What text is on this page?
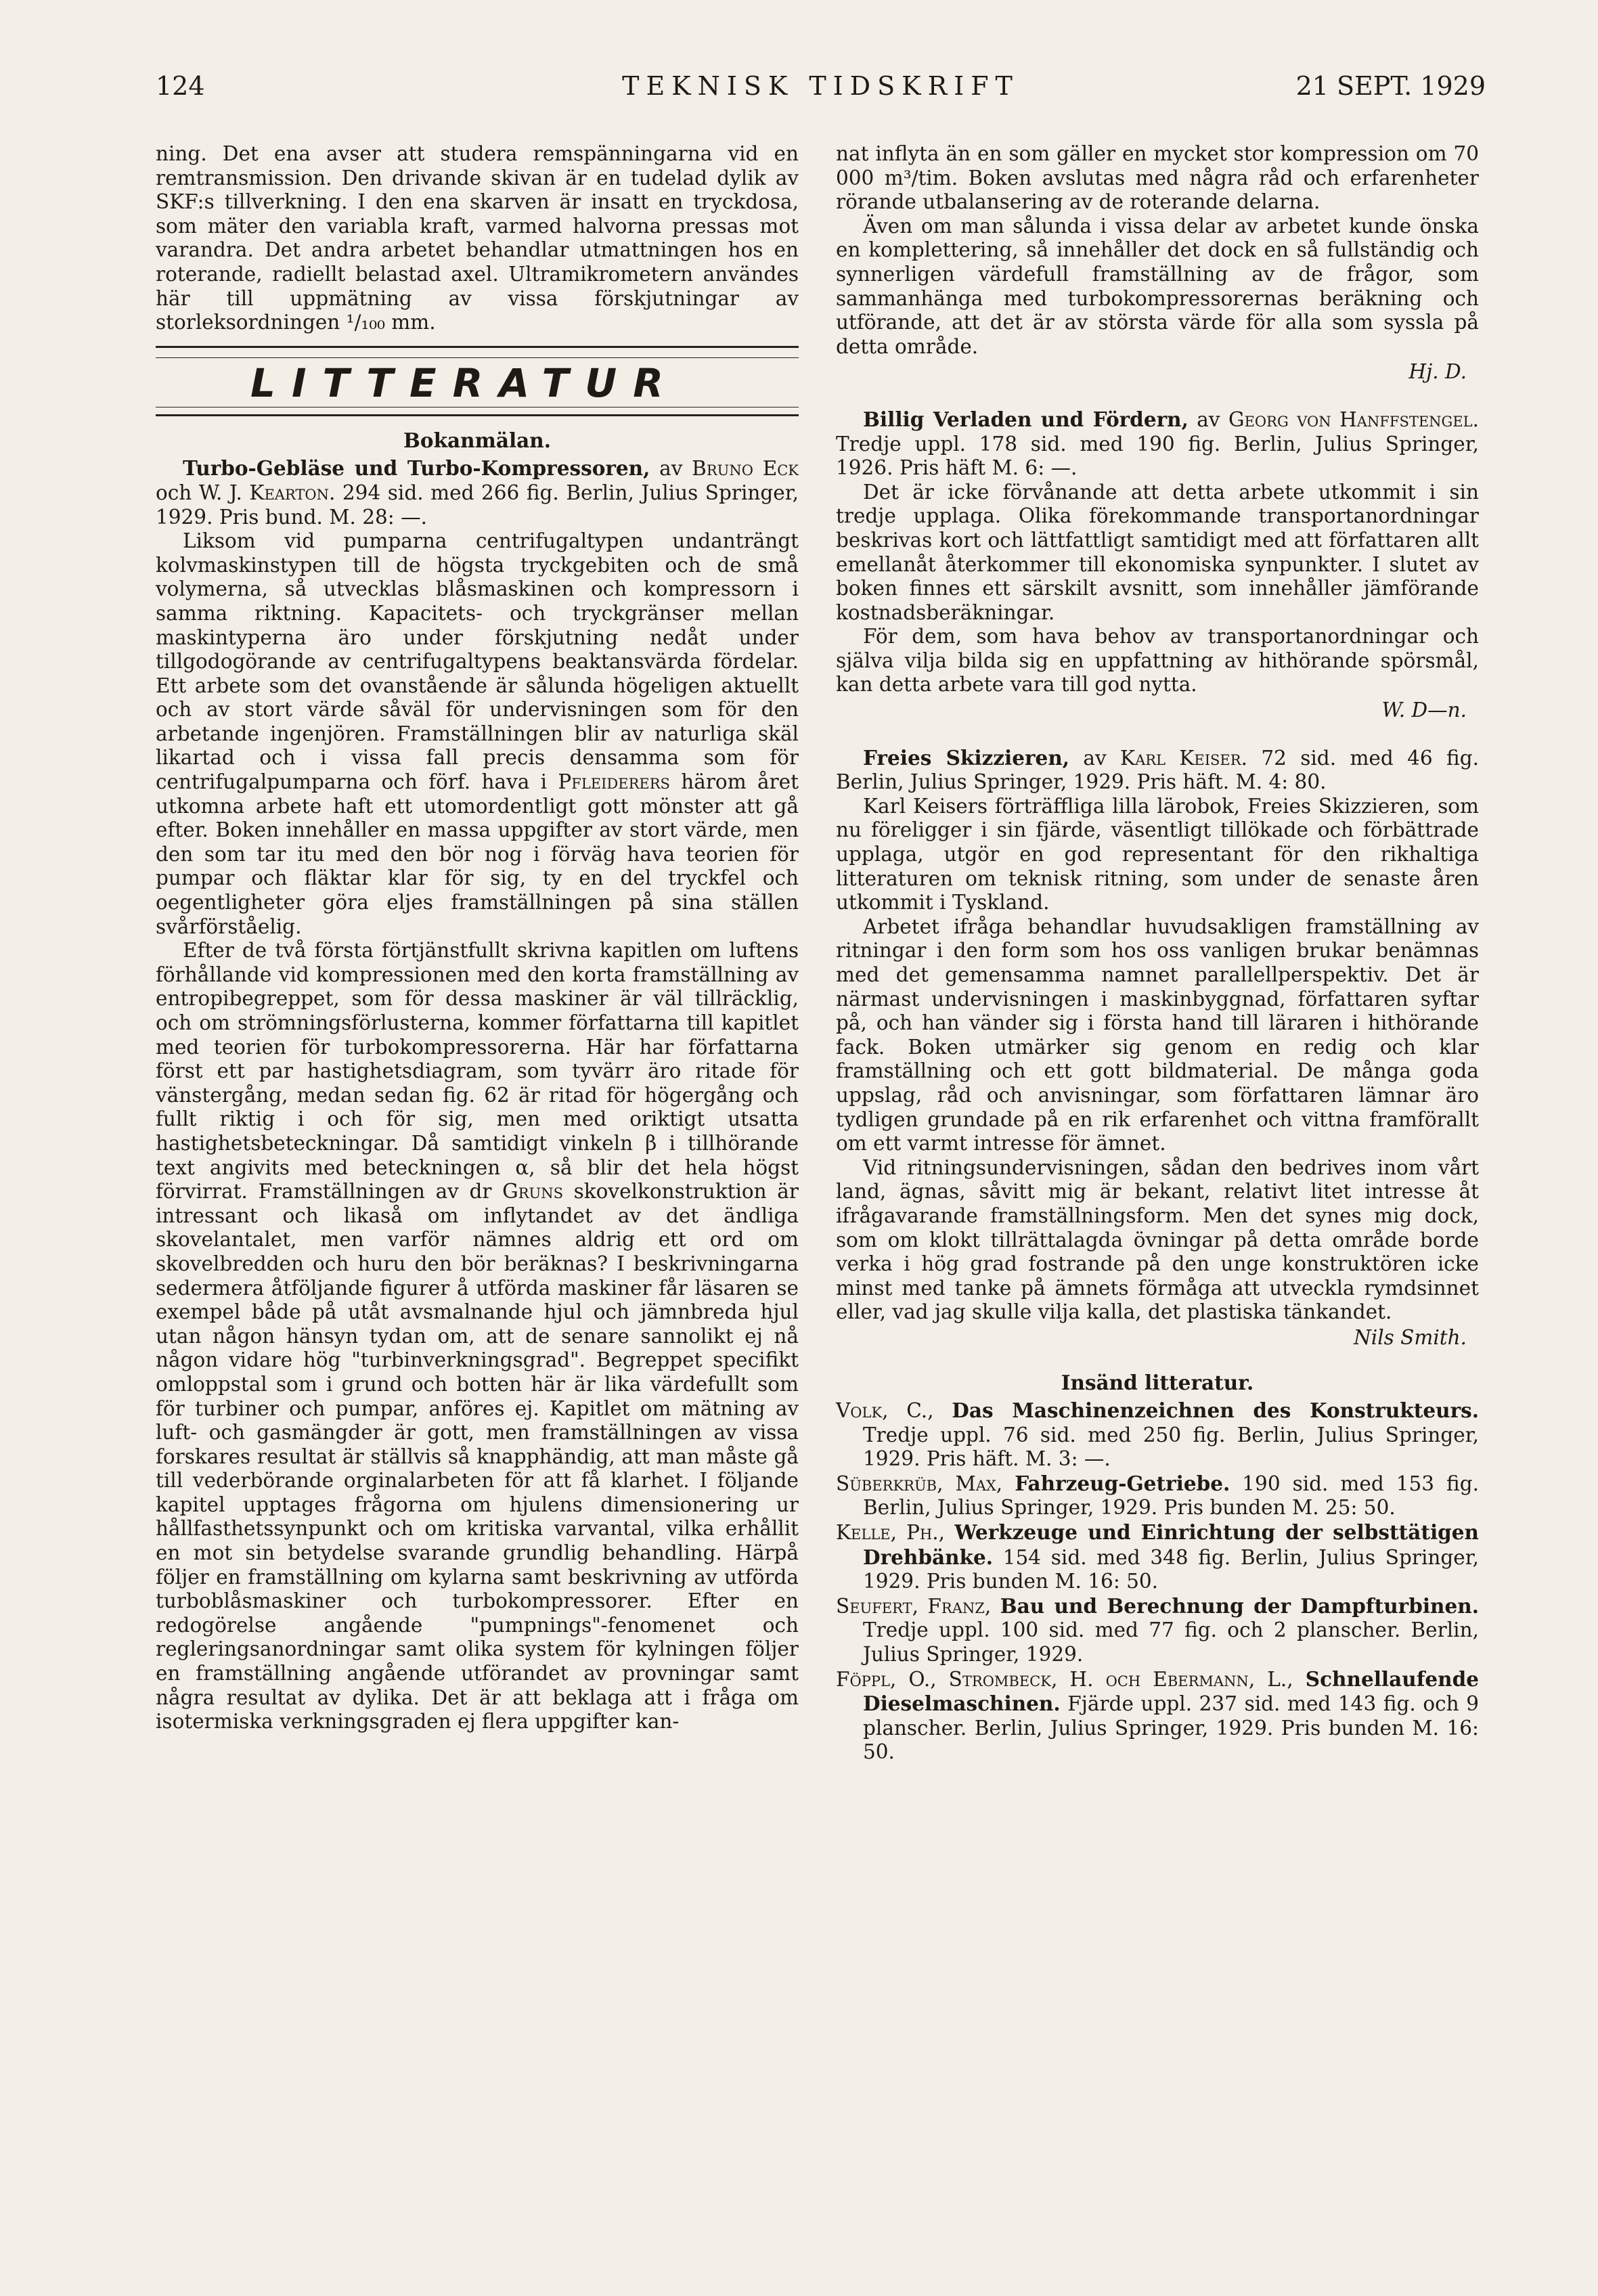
TEKNISK TIDSKRIFT
124	21 SEPT. 1929

ning. Det ena avser att studera remspänningarna vid en remtransmission. Den drivande skivan är en tudelad dylik av SKF:s tillverkning. I den ena skarven är insatt en tryckdosa, som mäter den variabla kraft, varmed halvorna pressas mot varandra. Det andra arbetet behandlar utmattningen hos en roterande, radiellt belastad axel. Ultramikrometern användes här till uppmätning av vissa förskjutningar av storleksordningen ¹/₁₀₀ mm.

LITTERATUR
Bokanmälan.

Turbo-Gebläse und Turbo-Kompressoren, av Bruno Eck och W. J. Kearton. 294 sid. med 266 fig. Berlin, Julius Springer, 1929. Pris bund. M. 28: —.

Liksom vid pumparna centrifugaltypen undanträngt kolvmaskinstypen till de högsta tryckgebiten och de små volymerna, så utvecklas blåsmaskinen och kompressorn i samma riktning. Kapacitets- och tryckgränser mellan maskintyperna äro under förskjutning nedåt under tillgodogörande av centrifugaltypens beaktansvärda fördelar. Ett arbete som det ovanstående är sålunda högeligen aktuellt och av stort värde såväl för undervisningen som för den arbetande ingenjören. Framställningen blir av naturliga skäl likartad och i vissa fall precis densamma som för centrifugalpumparna och förf. hava i Pfleiderers härom året utkomna arbete haft ett utomordentligt gott mönster att gå efter. Boken innehåller en massa uppgifter av stort värde, men den som tar itu med den bör nog i förväg hava teorien för pumpar och fläktar klar för sig, ty en del tryckfel och oegentligheter göra eljes framställningen på sina ställen svårförståelig.

Efter de två första förtjänstfullt skrivna kapitlen om luftens förhållande vid kompressionen med den korta framställning av entropibegreppet, som för dessa maskiner är väl tillräcklig, och om strömningsförlusterna, kommer författarna till kapitlet med teorien för turbokompressorerna. Här har författarna först ett par hastighetsdiagram, som tyvärr äro ritade för vänstergång, medan sedan fig. 62 är ritad för högergång och fullt riktig i och för sig, men med oriktigt utsatta hastighetsbeteckningar. Då samtidigt vinkeln β i tillhörande text angivits med beteckningen α, så blir det hela högst förvirrat. Framställningen av dr Gruns skovelkonstruktion är intressant och likaså om inflytandet av det ändliga skovelantalet, men varför nämnes aldrig ett ord om skovelbredden och huru den bör beräknas? I beskrivningarna sedermera åtföljande figurer å utförda maskiner får läsaren se exempel både på utåt avsmalnande hjul och jämnbreda hjul utan någon hänsyn tydan om, att de senare sannolikt ej nå någon vidare hög "turbinverkningsgrad". Begreppet specifikt omloppstal som i grund och botten här är lika värdefullt som för turbiner och pumpar, anföres ej. Kapitlet om mätning av luft- och gasmängder är gott, men framställningen av vissa forskares resultat är ställvis så knapphändig, att man måste gå till vederbörande orginalarbeten för att få klarhet. I följande kapitel upptages frågorna om hjulens dimensionering ur hållfasthetssynpunkt och om kritiska varvantal, vilka erhållit en mot sin betydelse svarande grundlig behandling. Härpå följer en framställning om kylarna samt beskrivning av utförda turboblåsmaskiner och turbokompressorer. Efter en redogörelse angående "pumpnings"-fenomenet och regleringsanordningar samt olika system för kylningen följer en framställning angående utförandet av provningar samt några resultat av dylika. Det är att beklaga att i fråga om isotermiska verkningsgraden ej flera uppgifter kan-

nat inflyta än en som gäller en mycket stor kompression om 70 000 m³/tim. Boken avslutas med några råd och erfarenheter rörande utbalansering av de roterande delarna.

Även om man sålunda i vissa delar av arbetet kunde önska en komplettering, så innehåller det dock en så fullständig och synnerligen värdefull framställning av de frågor, som sammanhänga med turbokompressorernas beräkning och utförande, att det är av största värde för alla som syssla på detta område.

Hj. D.

Billig Verladen und Fördern, av Georg von Hanffstengel. Tredje uppl. 178 sid. med 190 fig. Berlin, Julius Springer, 1926. Pris häft M. 6: —.

Det är icke förvånande att detta arbete utkommit i sin tredje upplaga. Olika förekommande transportanordningar beskrivas kort och lättfattligt samtidigt med att författaren allt emellanåt återkommer till ekonomiska synpunkter. I slutet av boken finnes ett särskilt avsnitt, som innehåller jämförande kostnadsberäkningar.

För dem, som hava behov av transportanordningar och själva vilja bilda sig en uppfattning av hithörande spörsmål, kan detta arbete vara till god nytta.

W. D—n.

Freies Skizzieren, av Karl Keiser. 72 sid. med 46 fig. Berlin, Julius Springer, 1929. Pris häft. M. 4: 80.

Karl Keisers förträffliga lilla lärobok, Freies Skizzieren, som nu föreligger i sin fjärde, väsentligt tillökade och förbättrade upplaga, utgör en god representant för den rikhaltiga litteraturen om teknisk ritning, som under de senaste åren utkommit i Tyskland.

Arbetet ifråga behandlar huvudsakligen framställning av ritningar i den form som hos oss vanligen brukar benämnas med det gemensamma namnet parallellperspektiv. Det är närmast undervisningen i maskinbyggnad, författaren syftar på, och han vänder sig i första hand till läraren i hithörande fack. Boken utmärker sig genom en redig och klar framställning och ett gott bildmaterial. De många goda uppslag, råd och anvisningar, som författaren lämnar äro tydligen grundade på en rik erfarenhet och vittna framförallt om ett varmt intresse för ämnet.

Vid ritningsundervisningen, sådan den bedrives inom vårt land, ägnas, såvitt mig är bekant, relativt litet intresse åt ifrågavarande framställningsform. Men det synes mig dock, som om klokt tillrättalagda övningar på detta område borde verka i hög grad fostrande på den unge konstruktören icke minst med tanke på ämnets förmåga att utveckla rymdsinnet eller, vad jag skulle vilja kalla, det plastiska tänkandet.

Nils Smith.
Insänd litteratur.

Volk, C., Das Maschinenzeichnen des Konstrukteurs. Tredje uppl. 76 sid. med 250 fig. Berlin, Julius Springer, 1929. Pris häft. M. 3: —.

Süberkrüb, Max, Fahrzeug-Getriebe. 190 sid. med 153 fig. Berlin, Julius Springer, 1929. Pris bunden M. 25: 50.

Kelle, Ph., Werkzeuge und Einrichtung der selbsttätigen Drehbänke. 154 sid. med 348 fig. Berlin, Julius Springer, 1929. Pris bunden M. 16: 50.

Seufert, Franz, Bau und Berechnung der Dampfturbinen. Tredje uppl. 100 sid. med 77 fig. och 2 planscher. Berlin, Julius Springer, 1929.

Föppl, O., Strombeck, H. och Ebermann, L., Schnellaufende Dieselmaschinen. Fjärde uppl. 237 sid. med 143 fig. och 9 planscher. Berlin, Julius Springer, 1929. Pris bunden M. 16: 50.
